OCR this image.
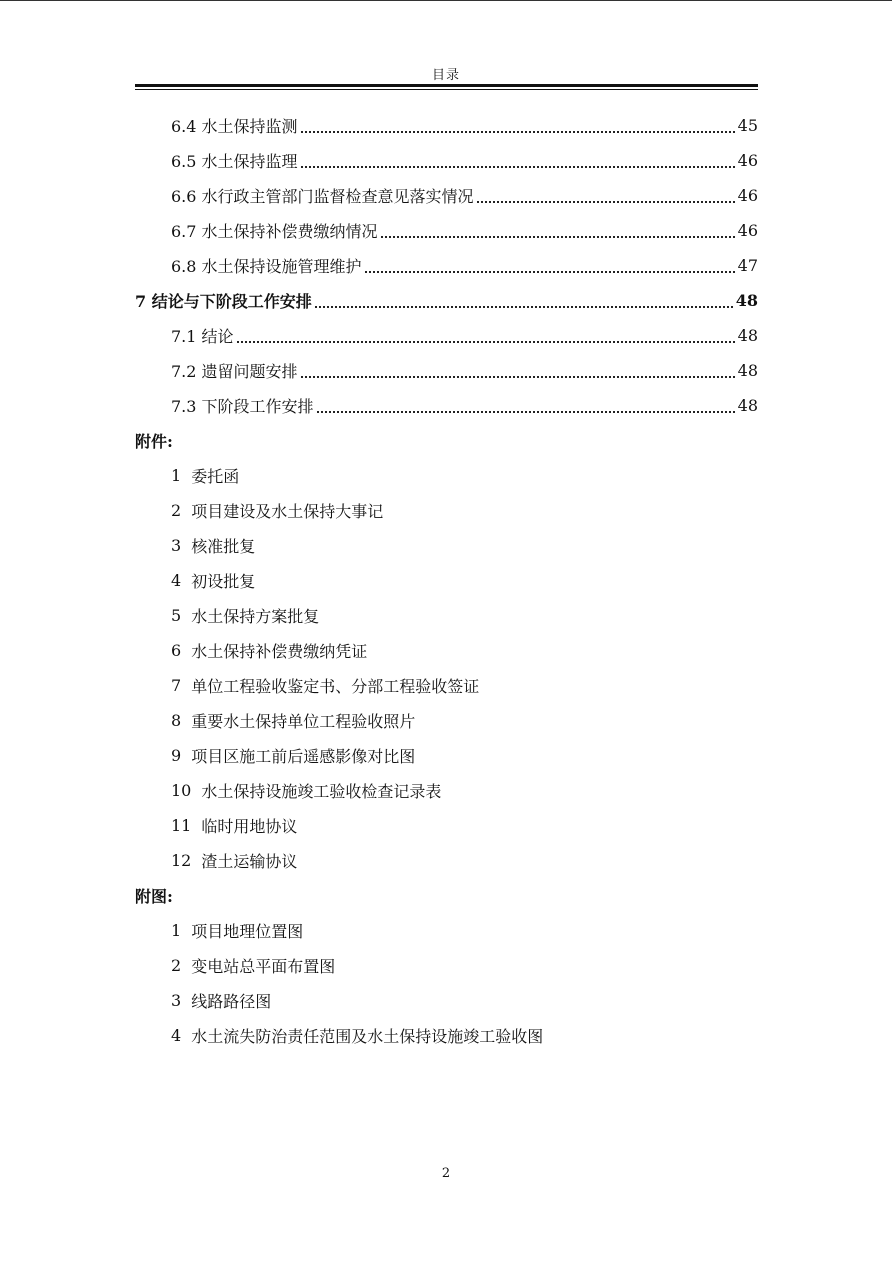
目录
6.4 水土保持监测	45
6.5 水土保持监理	46
6.6 水行政主管部门监督检查意见落实情况	46
6.7 水土保持补偿费缴纳情况	46
6.8 水土保持设施管理维护	47
7 结论与下阶段工作安排	48
7.1 结论	48
7.2 遗留问题安排	48
7.3 下阶段工作安排	48
附件:
1 委托函
2 项目建设及水土保持大事记
3 核准批复
4 初设批复
5 水土保持方案批复
6 水土保持补偿费缴纳凭证
7 单位工程验收鉴定书、分部工程验收签证
8 重要水土保持单位工程验收照片
9 项目区施工前后遥感影像对比图
10 水土保持设施竣工验收检查记录表
11 临时用地协议
12 渣土运输协议
附图:
1 项目地理位置图
2 变电站总平面布置图
3 线路路径图
4 水土流失防治责任范围及水土保持设施竣工验收图
2
